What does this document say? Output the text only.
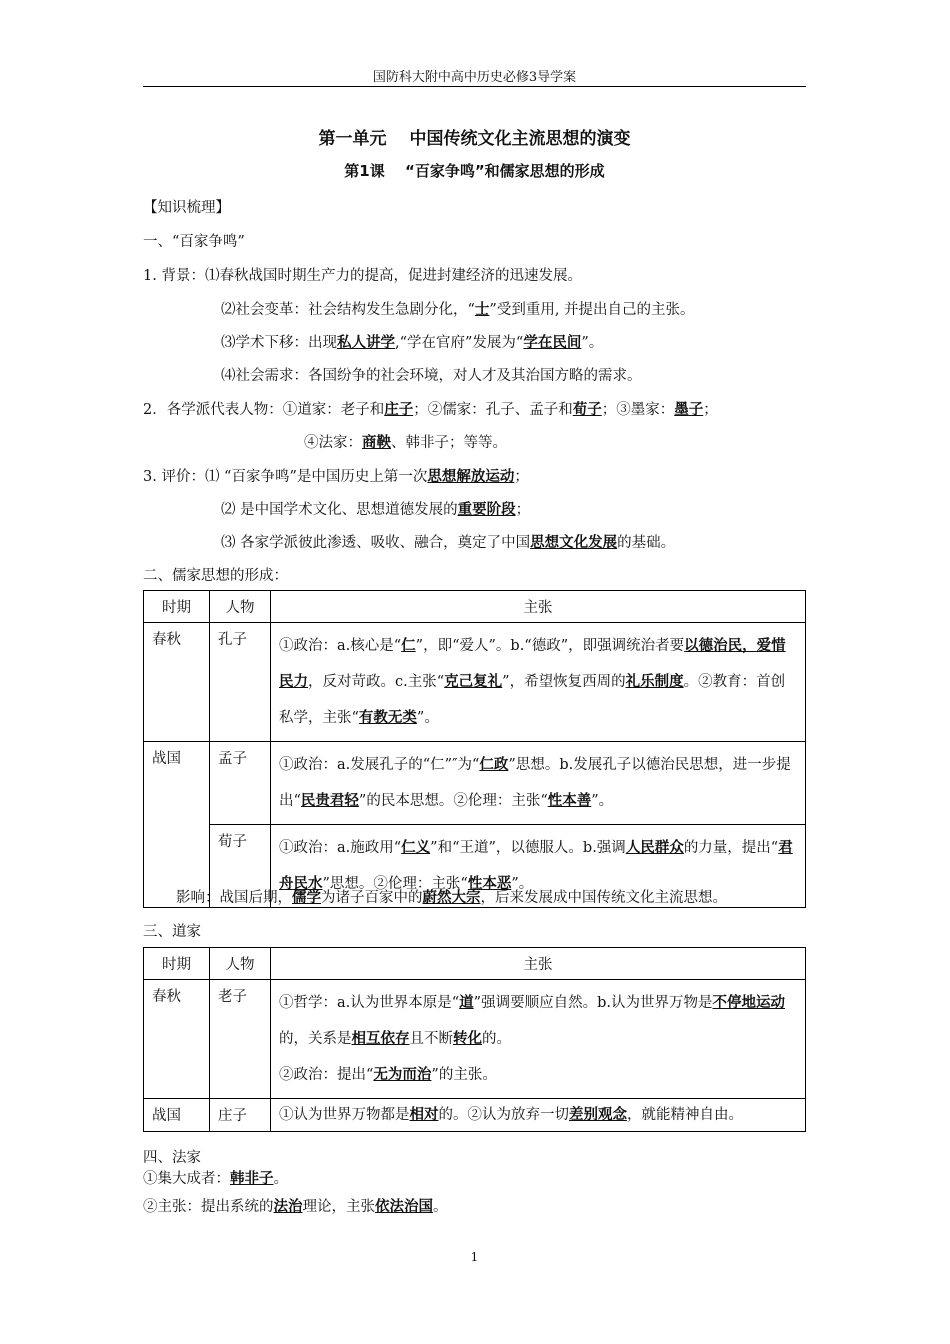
国防科大附中高中历史必修3导学案
第一单元　 中国传统文化主流思想的演变
第1课　 “百家争鸣”和儒家思想的形成
【知识梳理】
一、“百家争鸣”
1. 背景：⑴春秋战国时期生产力的提高，促进封建经济的迅速发展。
⑵社会变革：社会结构发生急剧分化，“士”受到重用, 并提出自己的主张。
⑶学术下移：出现私人讲学,“学在官府”发展为“学在民间”。
⑷社会需求：各国纷争的社会环境，对人才及其治国方略的需求。
2．各学派代表人物：①道家：老子和庄子；②儒家：孔子、孟子和荀子；③墨家：墨子；
④法家：商鞅、韩非子；等等。
3. 评价：⑴ “百家争鸣”是中国历史上第一次思想解放运动；
⑵ 是中国学术文化、思想道德发展的重要阶段；
⑶ 各家学派彼此渗透、吸收、融合，奠定了中国思想文化发展的基础。
二、儒家思想的形成：
时期	人物	主张
春秋	孔子	①政治：a.核心是“仁”，即“爱人”。b.“德政”，即强调统治者要以德治民，爱惜民力，反对苛政。c.主张“克己复礼”，希望恢复西周的礼乐制度。②教育：首创私学，主张“有教无类”。

战国	孟子	①政治：a.发展孔子的“仁”″为“仁政”思想。b.发展孔子以德治民思想，进一步提出“民贵君轻”的民本思想。②伦理：主张“性本善”。

	荀子	①政治：a.施政用“仁义”和“王道”，以德服人。b.强调人民群众的力量，提出“君舟民水”思想。②伦理：主张“性本恶”。

影响：战国后期，儒学为诸子百家中的蔚然大宗，后来发展成中国传统文化主流思想。
三、道家
时期	人物	主张
春秋	老子	①哲学：a.认为世界本原是“道”强调要顺应自然。b.认为世界万物是不停地运动的，关系是相互依存且不断转化的。

②政治：提出“无为而治”的主张。

战国	庄子	①认为世界万物都是相对的。②认为放弃一切差别观念，就能精神自由。

四、法家
①集大成者：韩非子。
②主张：提出系统的法治理论，主张依法治国。
1
